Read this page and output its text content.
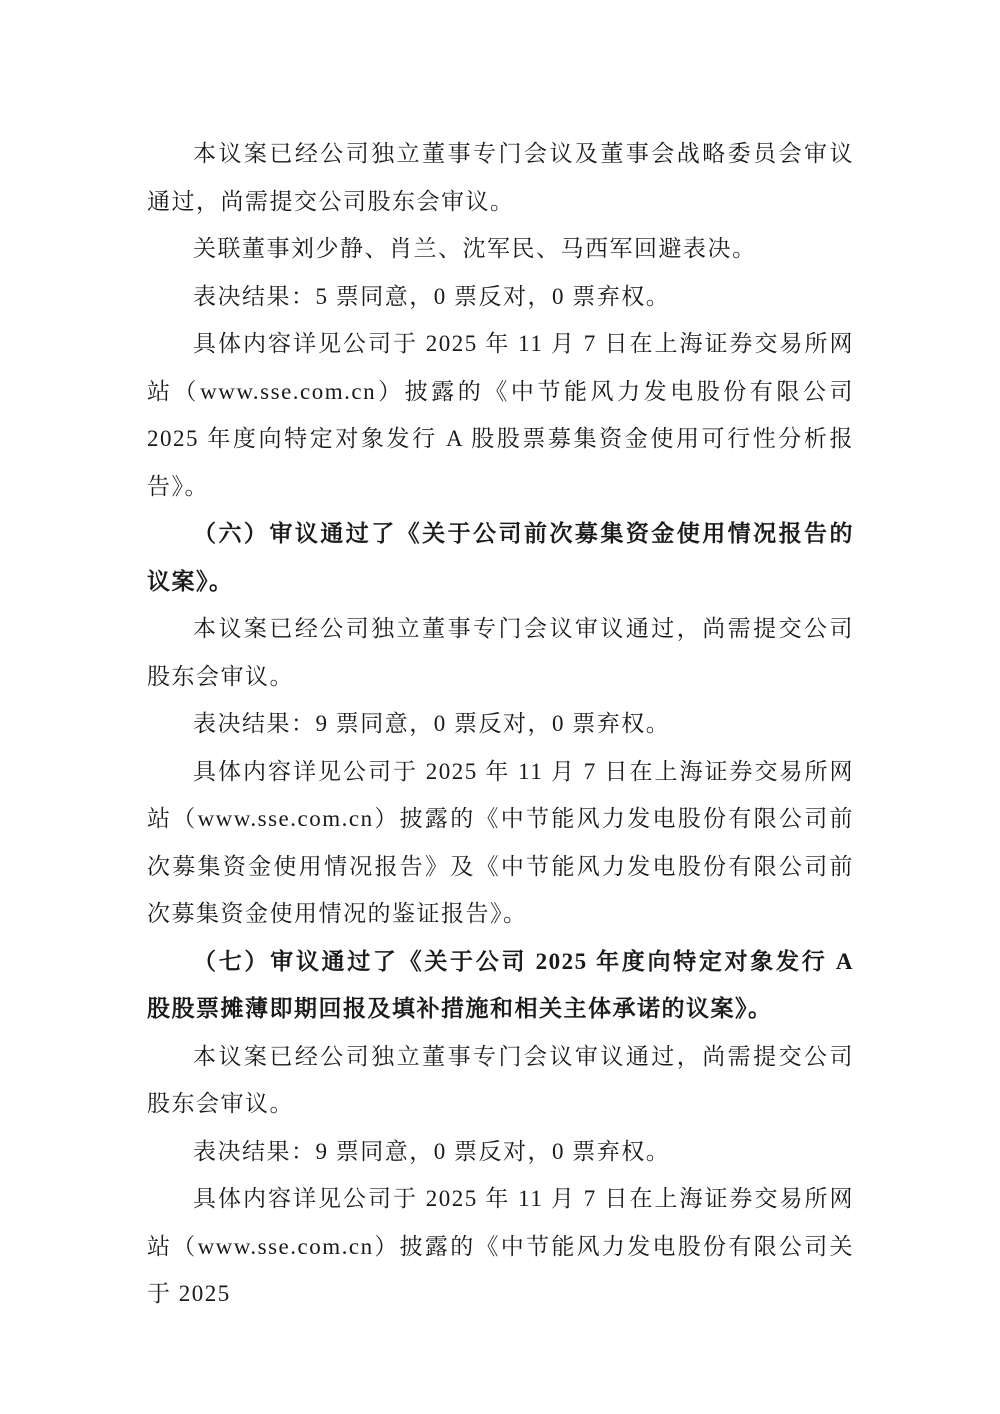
本议案已经公司独立董事专门会议及董事会战略委员会审议通过，尚需提交公司股东会审议。

关联董事刘少静、肖兰、沈军民、马西军回避表决。

表决结果：5 票同意，0 票反对，0 票弃权。

具体内容详见公司于 2025 年 11 月 7 日在上海证券交易所网站（www.sse.com.cn）披露的《中节能风力发电股份有限公司 2025 年度向特定对象发行 A 股股票募集资金使用可行性分析报告》。

（六）审议通过了《关于公司前次募集资金使用情况报告的议案》。

本议案已经公司独立董事专门会议审议通过，尚需提交公司股东会审议。

表决结果：9 票同意，0 票反对，0 票弃权。

具体内容详见公司于 2025 年 11 月 7 日在上海证券交易所网站（www.sse.com.cn）披露的《中节能风力发电股份有限公司前次募集资金使用情况报告》及《中节能风力发电股份有限公司前次募集资金使用情况的鉴证报告》。

（七）审议通过了《关于公司 2025 年度向特定对象发行 A 股股票摊薄即期回报及填补措施和相关主体承诺的议案》。

本议案已经公司独立董事专门会议审议通过，尚需提交公司股东会审议。

表决结果：9 票同意，0 票反对，0 票弃权。

具体内容详见公司于 2025 年 11 月 7 日在上海证券交易所网站（www.sse.com.cn）披露的《中节能风力发电股份有限公司关于 2025
